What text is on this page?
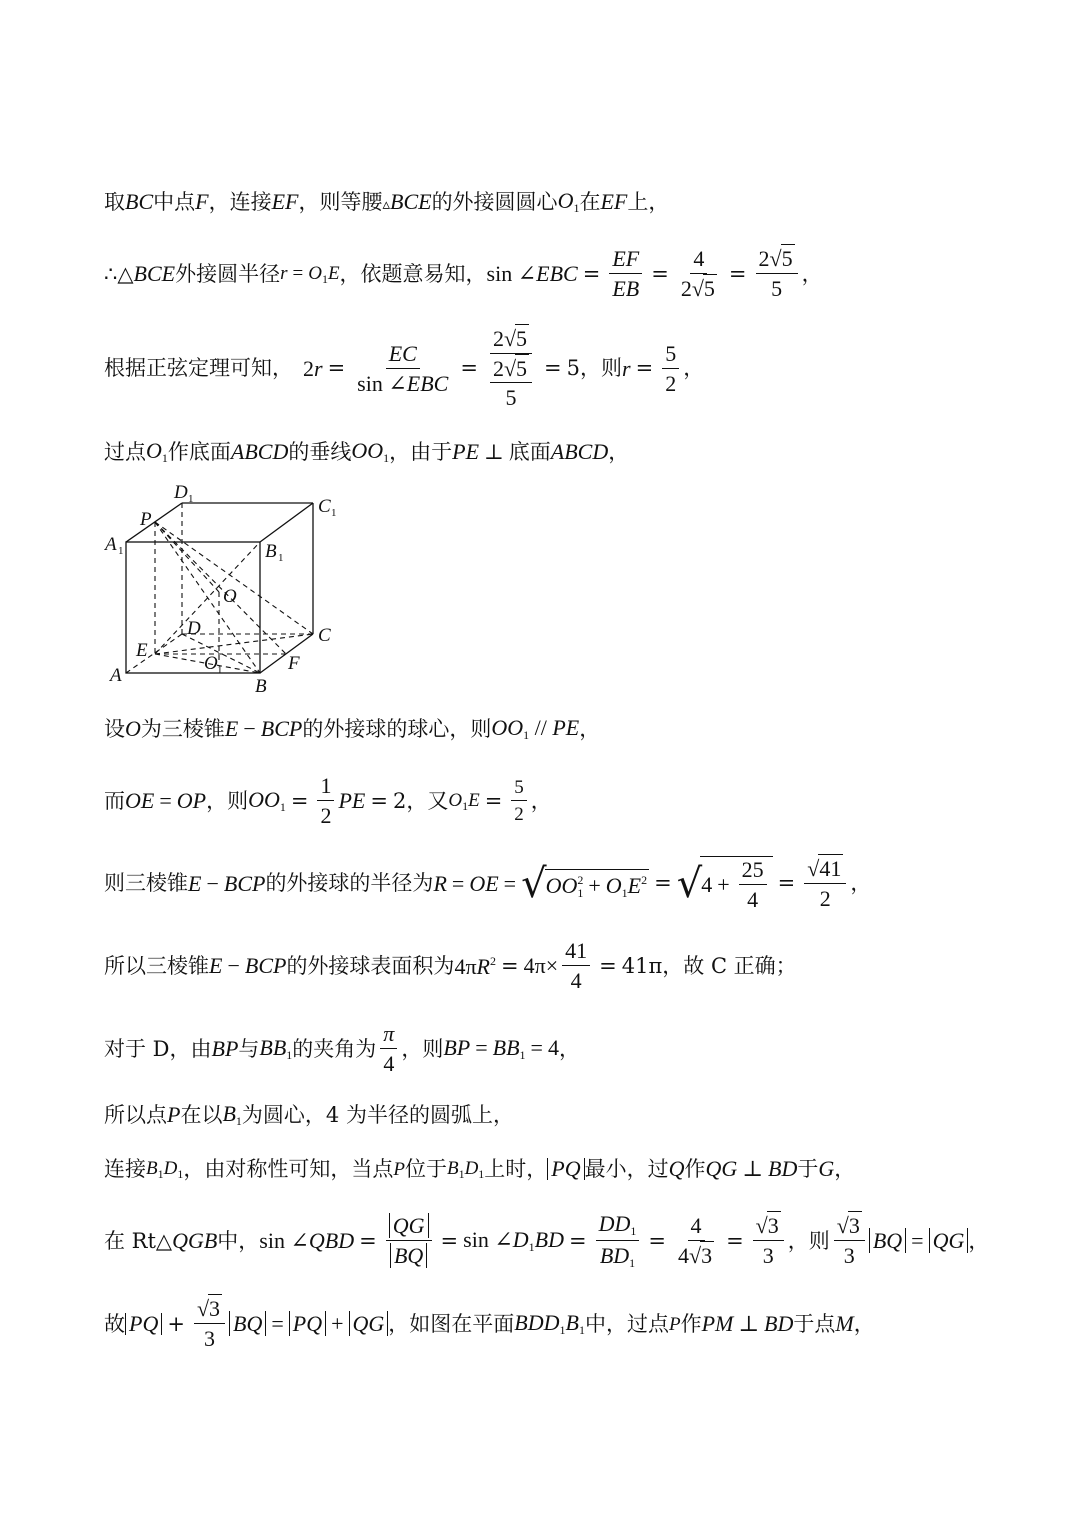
取 BC 中点 F ，连接 EF ，则等腰 ▵BCE 的外接圆圆心 $O_1$ 在 EF 上，
∴△ BCE 外接圆半径 $r = O_1E$ ，依题意易知， sin ∠EBC = $\frac{EF}{EB} = \frac{4}{2√5} = \frac{2√5}{5}$ ，
根据正弦定理可知， $2r = \frac{EC}{\text{sin ∠EBC}} = 2√5$
2√5
5 = 5 ，则 $r = \frac{5}{2}$ ，
过点 $O_1$ 作底面 ABCD 的垂线 $OO_1$ ，由于 PE ⊥ 底面 ABCD ，
P
D 1	C 1
A 1	B 1
O
D	C
E
O 1
A
F
B
设 O 为三棱锥 E − BCP 的外接球的球心，则 $OO_1$ // PE ，
而 OE = OP ，则 $OO_1 = \frac{1}{2}$ PE = 2 ，又 $O_1E = \frac{5}{2}$ ，
则三棱锥 E − BCP 的外接球的半径为 R = OE = √ $OO_1^2 + O_1E^2$ = √ $4 + \frac{25}{4} = \frac{√41}{2}$ ，
所以三棱锥 E − BCP 的外接球表面积为 $4\pi R^2 = 4\pi\times \frac{41}{4} = 41\pi$ ，故 C 正确；
对于 D，由 BP 与 $BB_1$ 的夹角为 $\frac{\pi}{4}$ ，则 BP = $BB_1 = 4$ ，
所以点 P 在以 $B_1$ 为圆心，4 为半径的圆弧上，
连接 $B_1D_1$ ，由对称性可知，当点 P 位于 $B_1D_1$ 上时， PQ 最小，过 Q 作 QG ⊥ BD 于 G ，
在 Rt△ QGB 中， sin ∠QBD = $\frac{QG}{BQ} = \sin$ $\angle D_1BD = \frac{DD_1}{BD_1} = \frac{4}{4√3} = \frac{√3}{3}$ ，则 $\frac{√3}{3}$ BQ = QG ，
故 PQ + $\frac{√3}{3}$ BQ = PQ + QG ，如图在平面 $BDD_1B_1$ 中，过点 P 作 PM ⊥ BD 于点 M ，
